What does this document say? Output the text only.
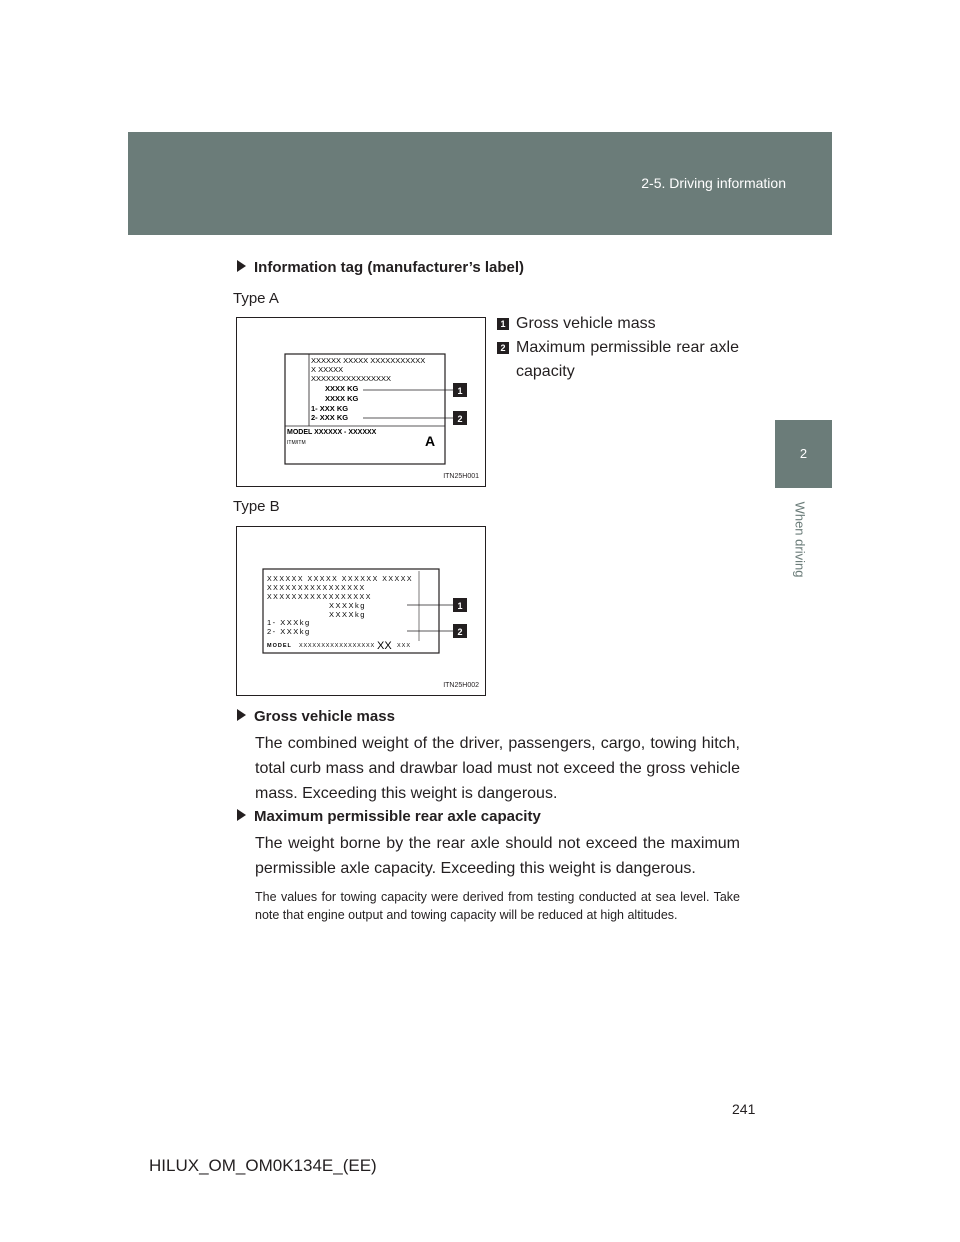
2-5. Driving information
2
When driving
Information tag (manufacturer’s label)
Type A
XXXXXX XXXXX XXXXXXXXXXX
X XXXXX
XXXXXXXXXXXXXXXX
XXXX KG
XXXX KG
1- XXX KG
2- XXX KG
MODEL XXXXXX - XXXXXX
ITM/ITM	A
1
2
ITN25H001
1 Gross vehicle mass
2 Maximum permissible rear axle capacity
Type B
XXXXXX XXXXX XXXXXX XXXXX
XXXXXXXXXXXXXXXX
XXXXXXXXXXXXXXXXX
XXXXkg
XXXXkg
1- XXXkg
2- XXXkg
MODEL XXXXXXXXXXXXXXXXX XX XXX
1
2
ITN25H002
Gross vehicle mass
The combined weight of the driver, passengers, cargo, towing hitch, total curb mass and drawbar load must not exceed the gross vehicle mass. Exceeding this weight is dangerous.
Maximum permissible rear axle capacity
The weight borne by the rear axle should not exceed the maximum permissible axle capacity. Exceeding this weight is dangerous.
The values for towing capacity were derived from testing conducted at sea level. Take note that engine output and towing capacity will be reduced at high altitudes.
241
HILUX_OM_OM0K134E_(EE)
